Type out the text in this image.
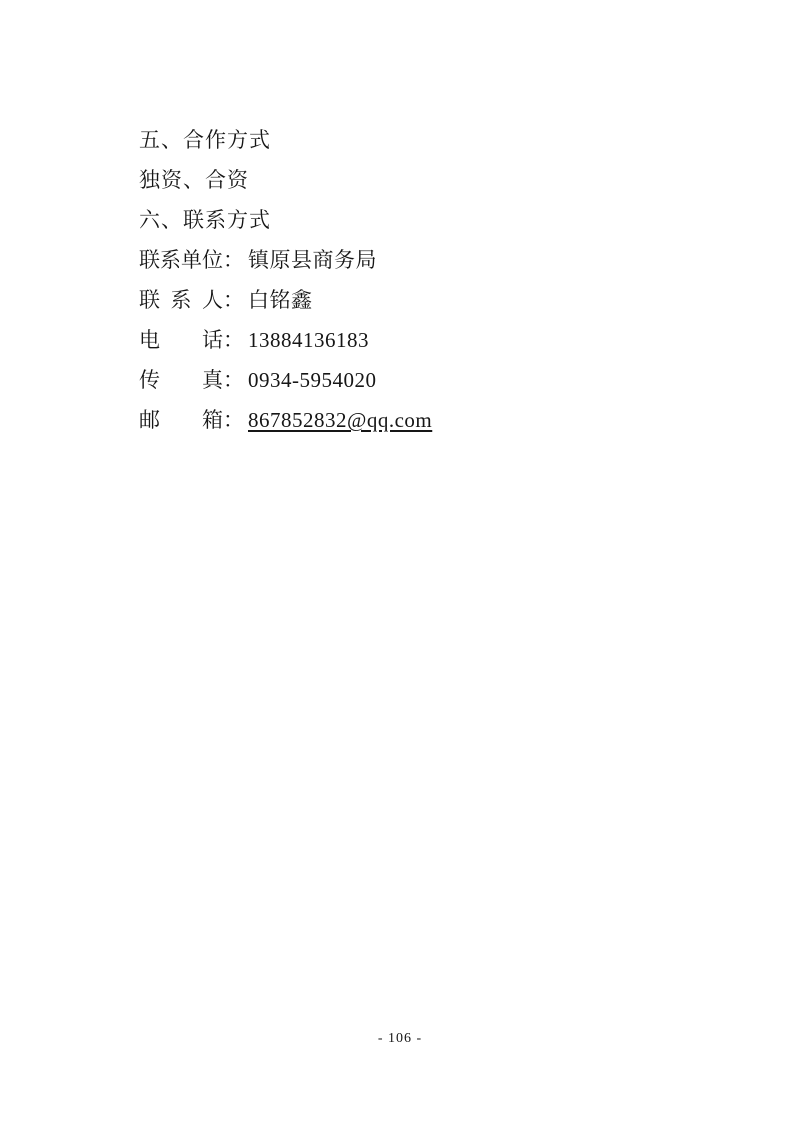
五、合作方式

独资、合资

六、联系方式

联系单位： 镇原县商务局

联系人： 白铭鑫

电话： 13884136183

传真： 0934-5954020

邮箱： 867852832@qq.com

- 106 -
